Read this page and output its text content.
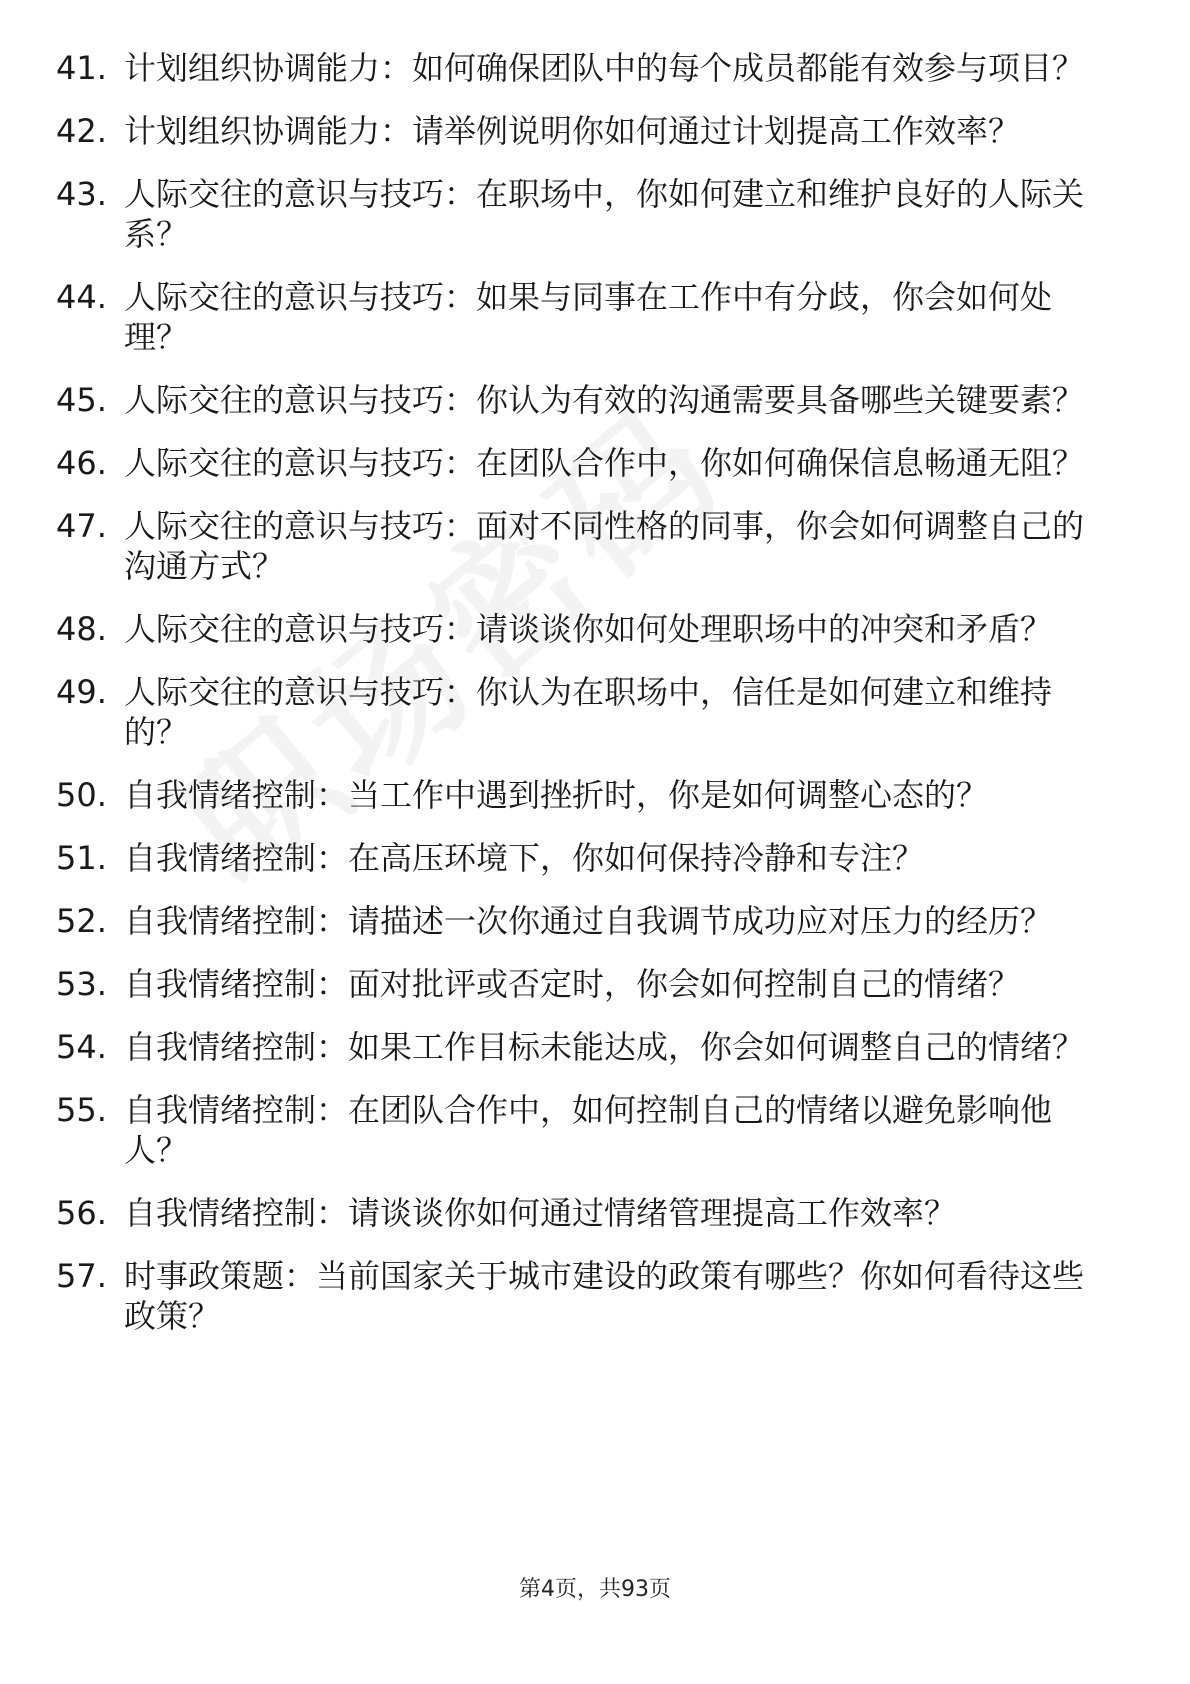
41. 计划组织协调能力：如何确保团队中的每个成员都能有效参与项目？
42. 计划组织协调能力：请举例说明你如何通过计划提高工作效率？
43. 人际交往的意识与技巧：在职场中，你如何建立和维护良好的人际关系？
44. 人际交往的意识与技巧：如果与同事在工作中有分歧，你会如何处理？
45. 人际交往的意识与技巧：你认为有效的沟通需要具备哪些关键要素？
46. 人际交往的意识与技巧：在团队合作中，你如何确保信息畅通无阻？
47. 人际交往的意识与技巧：面对不同性格的同事，你会如何调整自己的沟通方式？
48. 人际交往的意识与技巧：请谈谈你如何处理职场中的冲突和矛盾？
49. 人际交往的意识与技巧：你认为在职场中，信任是如何建立和维持的？
50. 自我情绪控制：当工作中遇到挫折时，你是如何调整心态的？
51. 自我情绪控制：在高压环境下，你如何保持冷静和专注？
52. 自我情绪控制：请描述一次你通过自我调节成功应对压力的经历？
53. 自我情绪控制：面对批评或否定时，你会如何控制自己的情绪？
54. 自我情绪控制：如果工作目标未能达成，你会如何调整自己的情绪？
55. 自我情绪控制：在团队合作中，如何控制自己的情绪以避免影响他人？
56. 自我情绪控制：请谈谈你如何通过情绪管理提高工作效率？
57. 时事政策题：当前国家关于城市建设的政策有哪些？你如何看待这些政策？
第4页，共93页
